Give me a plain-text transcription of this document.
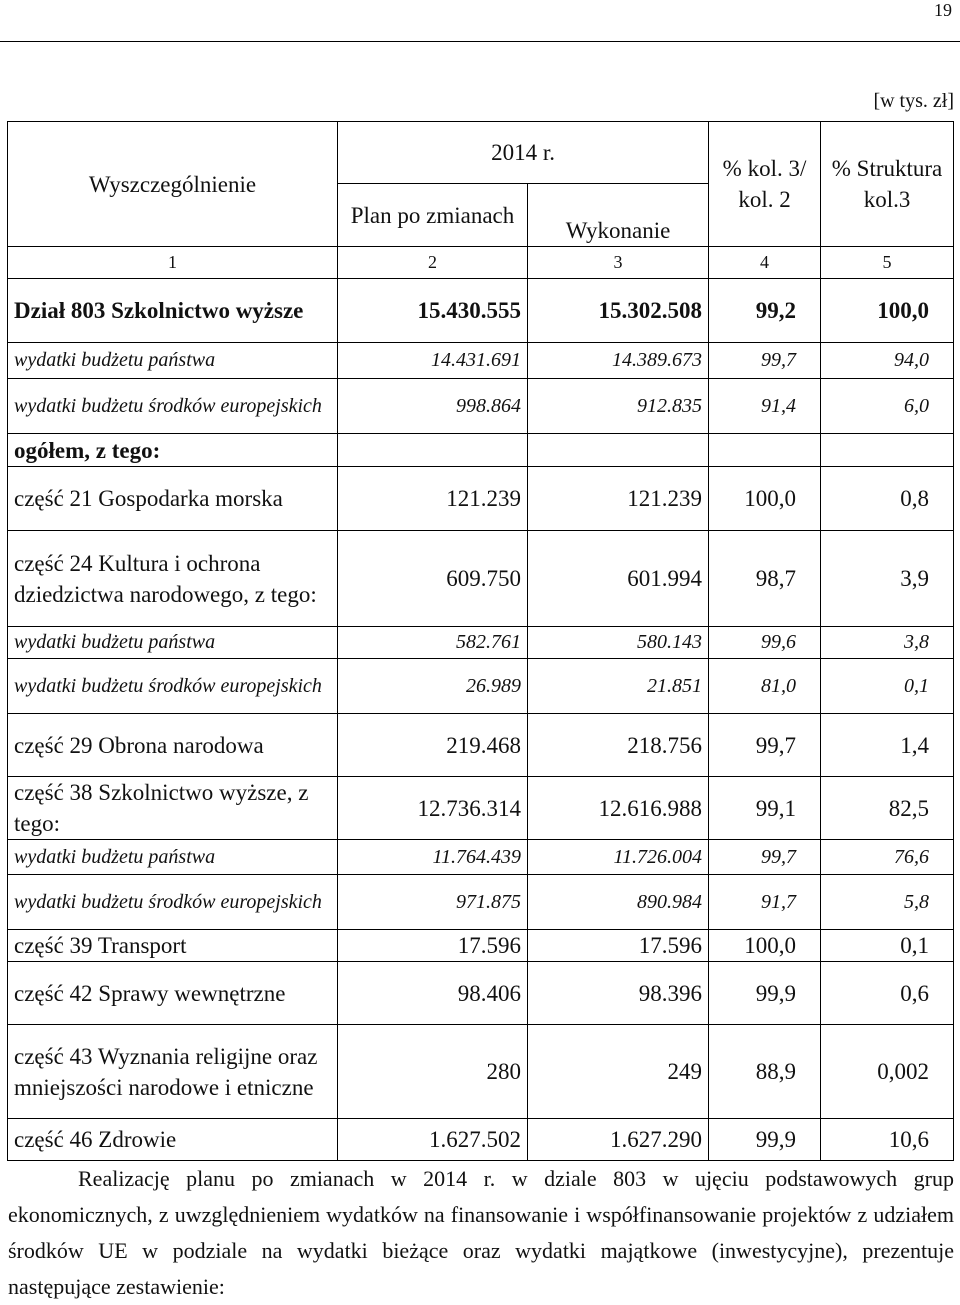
19
[w tys. zł]
Wyszczególnienie	2014 r.		% kol. 3/ kol. 2	% Struktura kol.3
	Plan po zmianach	Wykonanie		
1	2	3	4	5
Dział 803 Szkolnictwo wyższe	15.430.555	15.302.508	99,2	100,0
wydatki budżetu państwa	14.431.691	14.389.673	99,7	94,0
wydatki budżetu środków europejskich	998.864	912.835	91,4	6,0
ogółem, z tego:				
część 21 Gospodarka morska	121.239	121.239	100,0	0,8
część 24 Kultura i ochrona dziedzictwa narodowego, z tego:	609.750	601.994	98,7	3,9
wydatki budżetu państwa	582.761	580.143	99,6	3,8
wydatki budżetu środków europejskich	26.989	21.851	81,0	0,1
część 29 Obrona narodowa	219.468	218.756	99,7	1,4
część 38 Szkolnictwo wyższe, z tego:	12.736.314	12.616.988	99,1	82,5
wydatki budżetu państwa	11.764.439	11.726.004	99,7	76,6
wydatki budżetu środków europejskich	971.875	890.984	91,7	5,8
część 39 Transport	17.596	17.596	100,0	0,1
część 42 Sprawy wewnętrzne	98.406	98.396	99,9	0,6
część 43 Wyznania religijne oraz mniejszości narodowe i etniczne	280	249	88,9	0,002
część 46 Zdrowie	1.627.502	1.627.290	99,9	10,6
Realizację planu po zmianach w 2014 r. w dziale 803 w ujęciu podstawowych grup ekonomicznych, z uwzględnieniem wydatków na finansowanie i współfinansowanie projektów z udziałem środków UE w podziale na wydatki bieżące oraz wydatki majątkowe (inwestycyjne), prezentuje następujące zestawienie:
